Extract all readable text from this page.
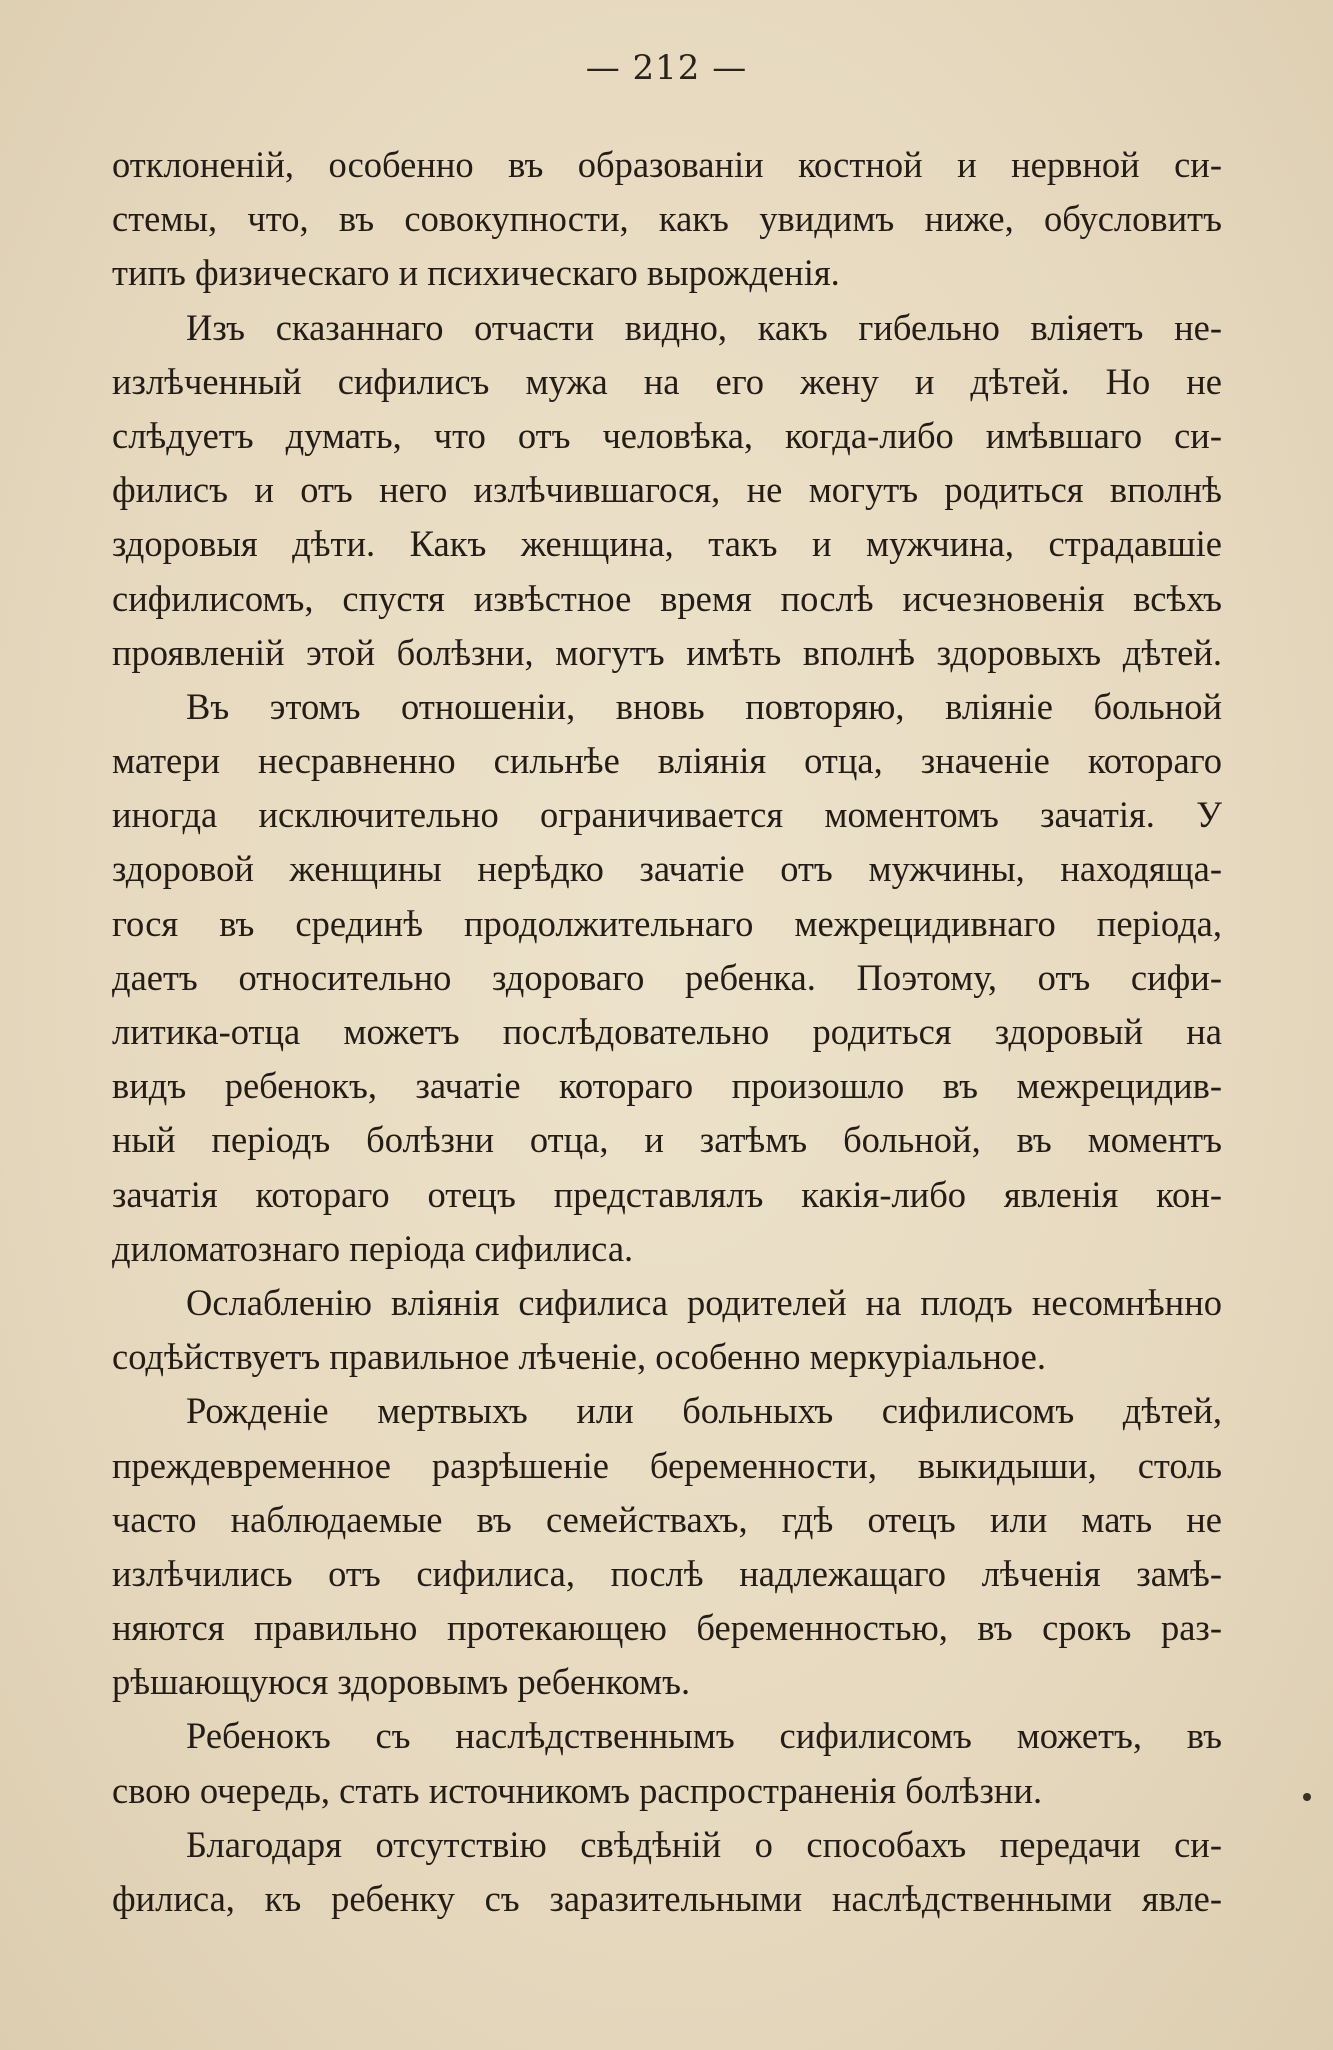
— 212 —
отклоненій, особенно въ образованіи костной и нервной си-
стемы, что, въ совокупности, какъ увидимъ ниже, обусловитъ
типъ физическаго и психическаго вырожденія.
Изъ сказаннаго отчасти видно, какъ гибельно вліяетъ не-
излѣченный сифилисъ мужа на его жену и дѣтей. Но не
слѣдуетъ думать, что отъ человѣка, когда-либо имѣвшаго си-
филисъ и отъ него излѣчившагося, не могутъ родиться вполнѣ
здоровыя дѣти. Какъ женщина, такъ и мужчина, страдавшіе
сифилисомъ, спустя извѣстное время послѣ исчезновенія всѣхъ
проявленій этой болѣзни, могутъ имѣть вполнѣ здоровыхъ дѣтей.
Въ этомъ отношеніи, вновь повторяю, вліяніе больной
матери несравненно сильнѣе вліянія отца, значеніе котораго
иногда исключительно ограничивается моментомъ зачатія. У
здоровой женщины нерѣдко зачатіе отъ мужчины, находяща-
гося въ срединѣ продолжительнаго межрецидивнаго періода,
даетъ относительно здороваго ребенка. Поэтому, отъ сифи-
литика-отца можетъ послѣдовательно родиться здоровый на
видъ ребенокъ, зачатіе котораго произошло въ межрецидив-
ный періодъ болѣзни отца, и затѣмъ больной, въ моментъ
зачатія котораго отецъ представлялъ какія-либо явленія кон-
диломатознаго періода сифилиса.
Ослабленію вліянія сифилиса родителей на плодъ несомнѣнно
содѣйствуетъ правильное лѣченіе, особенно меркуріальное.
Рожденіе мертвыхъ или больныхъ сифилисомъ дѣтей,
преждевременное разрѣшеніе беременности, выкидыши, столь
часто наблюдаемые въ семействахъ, гдѣ отецъ или мать не
излѣчились отъ сифилиса, послѣ надлежащаго лѣченія замѣ-
няются правильно протекающею беременностью, въ срокъ раз-
рѣшающуюся здоровымъ ребенкомъ.
Ребенокъ съ наслѣдственнымъ сифилисомъ можетъ, въ
свою очередь, стать источникомъ распространенія болѣзни.
Благодаря отсутствію свѣдѣній о способахъ передачи си-
филиса, къ ребенку съ заразительными наслѣдственными явле-
